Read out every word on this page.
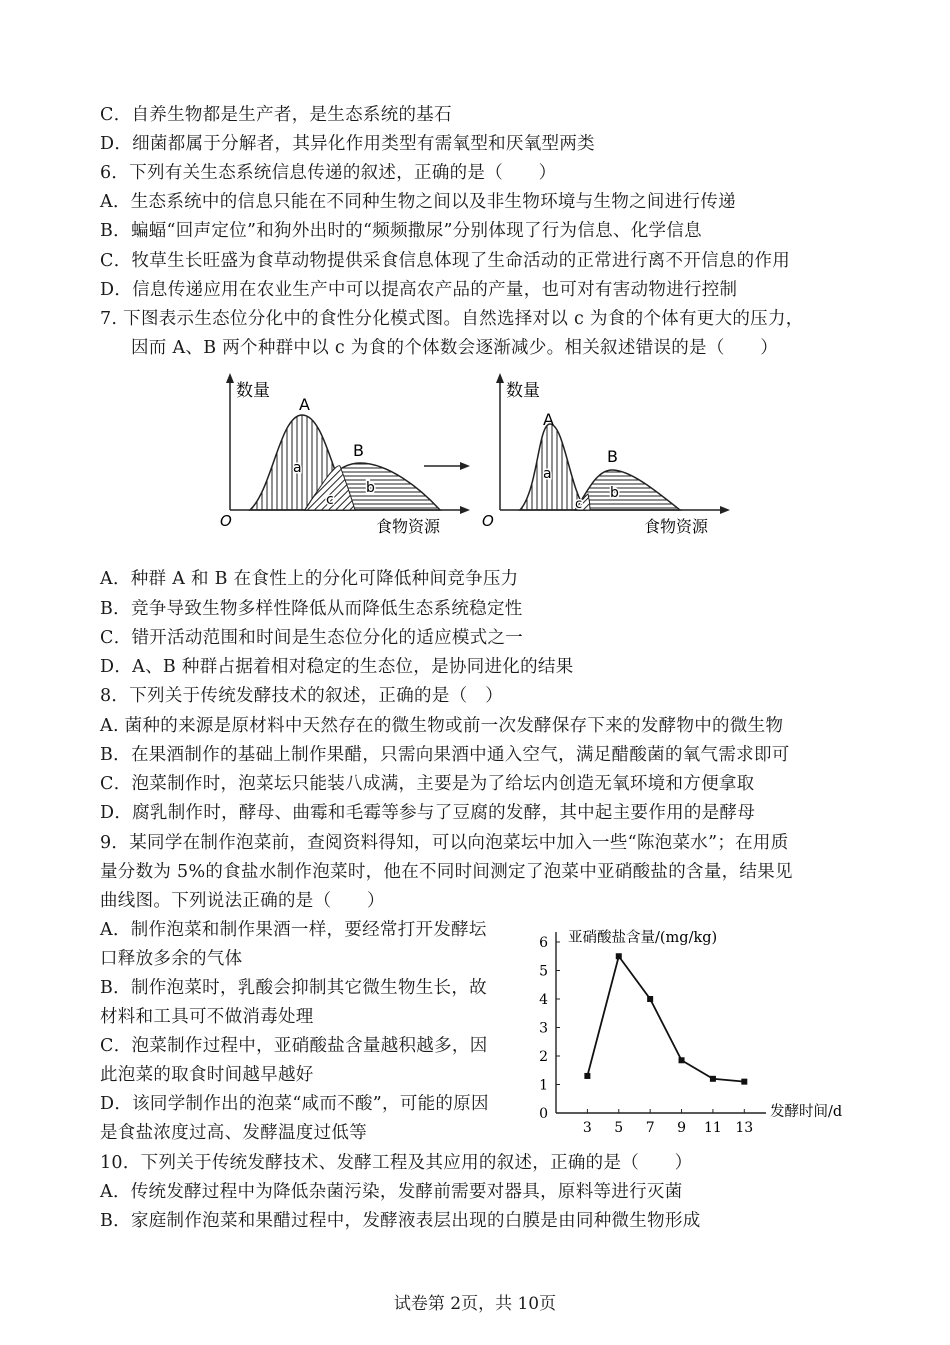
C．自养生物都是生产者，是生态系统的基石
D．细菌都属于分解者，其异化作用类型有需氧型和厌氧型两类
6．下列有关生态系统信息传递的叙述，正确的是（　　）
A．生态系统中的信息只能在不同种生物之间以及非生物环境与生物之间进行传递
B．蝙蝠“回声定位”和狗外出时的“频频撒尿”分别体现了行为信息、化学信息
C．牧草生长旺盛为食草动物提供采食信息体现了生命活动的正常进行离不开信息的作用
D．信息传递应用在农业生产中可以提高农产品的产量，也可对有害动物进行控制
7. 下图表示生态位分化中的食性分化模式图。自然选择对以 c 为食的个体有更大的压力，
因而 A、B 两个种群中以 c 为食的个体数会逐渐减少。相关叙述错误的是（　　）
数量
O	食物资源
A
B
a
b
c
数量
O	食物资源
A
B
a
b
c
A．种群 A 和 B 在食性上的分化可降低种间竞争压力
B．竞争导致生物多样性降低从而降低生态系统稳定性
C．错开活动范围和时间是生态位分化的适应模式之一
D．A、B 种群占据着相对稳定的生态位，是协同进化的结果
8．下列关于传统发酵技术的叙述，正确的是（　）
A. 菌种的来源是原材料中天然存在的微生物或前一次发酵保存下来的发酵物中的微生物
B．在果酒制作的基础上制作果醋，只需向果酒中通入空气，满足醋酸菌的氧气需求即可
C．泡菜制作时，泡菜坛只能装八成满，主要是为了给坛内创造无氧环境和方便拿取
D．腐乳制作时，酵母、曲霉和毛霉等参与了豆腐的发酵，其中起主要作用的是酵母
9．某同学在制作泡菜前，查阅资料得知，可以向泡菜坛中加入一些“陈泡菜水”；在用质
量分数为 5%的食盐水制作泡菜时，他在不同时间测定了泡菜中亚硝酸盐的含量，结果见
曲线图。下列说法正确的是（　　）
A．制作泡菜和制作果酒一样，要经常打开发酵坛
口释放多余的气体
B．制作泡菜时，乳酸会抑制其它微生物生长，故
材料和工具可不做消毒处理
C．泡菜制作过程中，亚硝酸盐含量越积越多，因
此泡菜的取食时间越早越好
D．该同学制作出的泡菜“咸而不酸”，可能的原因
是食盐浓度过高、发酵温度过低等
0
1
2
3
4
5
6
3 5 7 9 11 13
亚硝酸盐含量/(mg/kg)
发酵时间/d
10．下列关于传统发酵技术、发酵工程及其应用的叙述，正确的是（　　）
A．传统发酵过程中为降低杂菌污染，发酵前需要对器具，原料等进行灭菌
B．家庭制作泡菜和果醋过程中，发酵液表层出现的白膜是由同种微生物形成
试卷第 2页，共 10页
